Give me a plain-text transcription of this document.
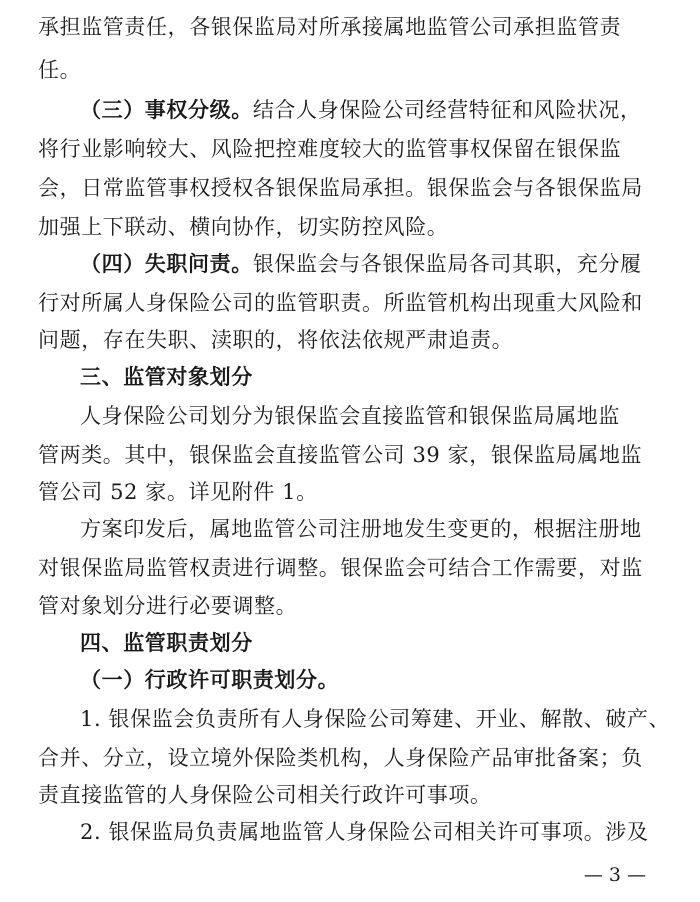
承担监管责任，各银保监局对所承接属地监管公司承担监管责
任。
（三）事权分级。结合人身保险公司经营特征和风险状况，
将行业影响较大、风险把控难度较大的监管事权保留在银保监
会，日常监管事权授权各银保监局承担。银保监会与各银保监局
加强上下联动、横向协作，切实防控风险。
（四）失职问责。银保监会与各银保监局各司其职，充分履
行对所属人身保险公司的监管职责。所监管机构出现重大风险和
问题，存在失职、渎职的，将依法依规严肃追责。
三、监管对象划分
人身保险公司划分为银保监会直接监管和银保监局属地监
管两类。其中，银保监会直接监管公司 39 家，银保监局属地监
管公司 52 家。详见附件 1。
方案印发后，属地监管公司注册地发生变更的，根据注册地
对银保监局监管权责进行调整。银保监会可结合工作需要，对监
管对象划分进行必要调整。
四、监管职责划分
（一）行政许可职责划分。
1. 银保监会负责所有人身保险公司筹建、开业、解散、破产、
合并、分立，设立境外保险类机构，人身保险产品审批备案；负
责直接监管的人身保险公司相关行政许可事项。
2. 银保监局负责属地监管人身保险公司相关许可事项。涉及
— 3 —
